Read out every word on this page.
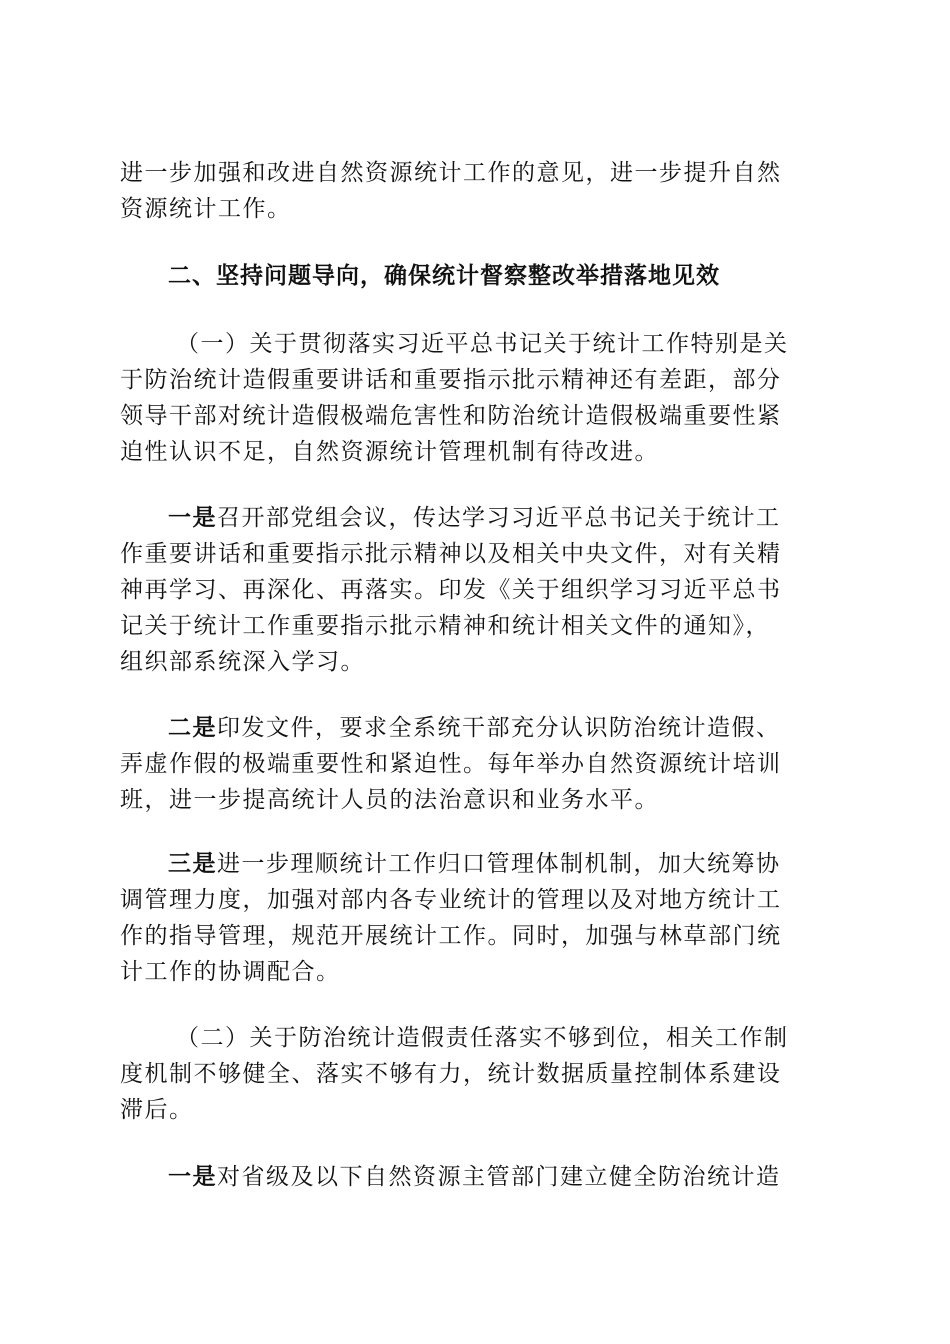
进一步加强和改进自然资源统计工作的意见，进一步提升自然
资源统计工作。
二、坚持问题导向，确保统计督察整改举措落地见效
（一）关于贯彻落实习近平总书记关于统计工作特别是关
于防治统计造假重要讲话和重要指示批示精神还有差距，部分
领导干部对统计造假极端危害性和防治统计造假极端重要性紧
迫性认识不足，自然资源统计管理机制有待改进。
一是召开部党组会议，传达学习习近平总书记关于统计工
作重要讲话和重要指示批示精神以及相关中央文件，对有关精
神再学习、再深化、再落实。印发《关于组织学习习近平总书
记关于统计工作重要指示批示精神和统计相关文件的通知》，
组织部系统深入学习。
二是印发文件，要求全系统干部充分认识防治统计造假、
弄虚作假的极端重要性和紧迫性。每年举办自然资源统计培训
班，进一步提高统计人员的法治意识和业务水平。
三是进一步理顺统计工作归口管理体制机制，加大统筹协
调管理力度，加强对部内各专业统计的管理以及对地方统计工
作的指导管理，规范开展统计工作。同时，加强与林草部门统
计工作的协调配合。
（二）关于防治统计造假责任落实不够到位，相关工作制
度机制不够健全、落实不够有力，统计数据质量控制体系建设
滞后。
一是对省级及以下自然资源主管部门建立健全防治统计造
